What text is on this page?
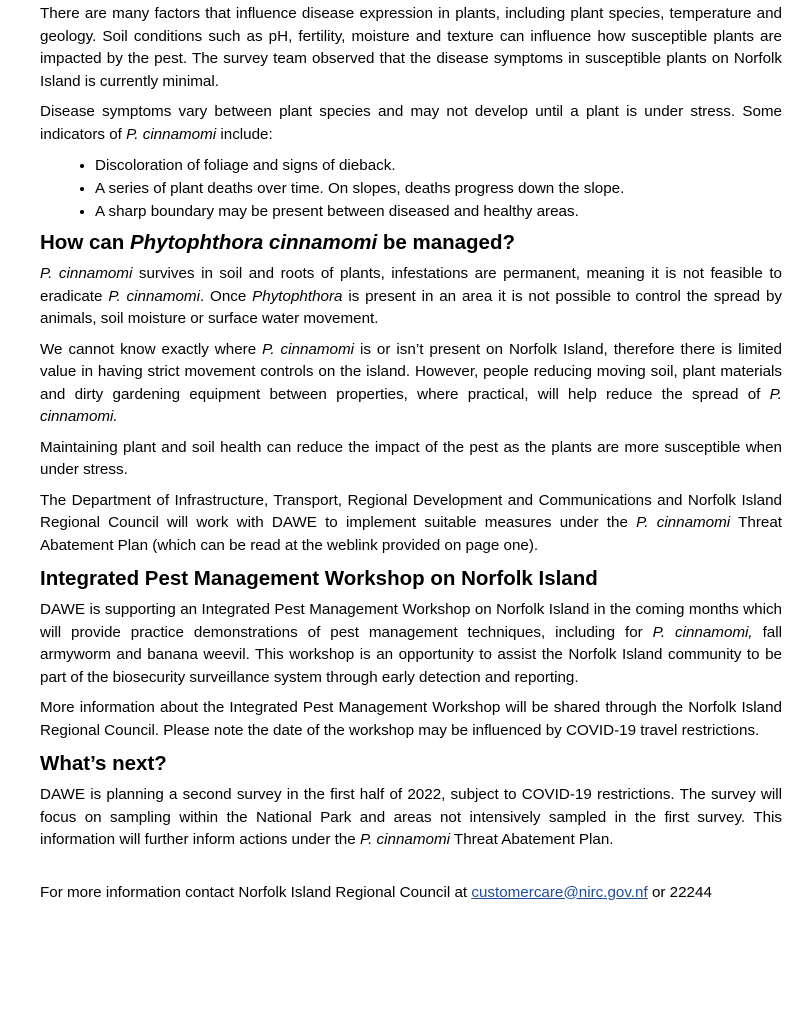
There are many factors that influence disease expression in plants, including plant species, temperature and geology. Soil conditions such as pH, fertility, moisture and texture can influence how susceptible plants are impacted by the pest. The survey team observed that the disease symptoms in susceptible plants on Norfolk Island is currently minimal.

Disease symptoms vary between plant species and may not develop until a plant is under stress. Some indicators of P. cinnamomi include:

• Discoloration of foliage and signs of dieback.
• A series of plant deaths over time. On slopes, deaths progress down the slope.
• A sharp boundary may be present between diseased and healthy areas.
How can Phytophthora cinnamomi be managed?

P. cinnamomi survives in soil and roots of plants, infestations are permanent, meaning it is not feasible to eradicate P. cinnamomi. Once Phytophthora is present in an area it is not possible to control the spread by animals, soil moisture or surface water movement.

We cannot know exactly where P. cinnamomi is or isn’t present on Norfolk Island, therefore there is limited value in having strict movement controls on the island. However, people reducing moving soil, plant materials and dirty gardening equipment between properties, where practical, will help reduce the spread of P. cinnamomi.

Maintaining plant and soil health can reduce the impact of the pest as the plants are more susceptible when under stress.

The Department of Infrastructure, Transport, Regional Development and Communications and Norfolk Island Regional Council will work with DAWE to implement suitable measures under the P. cinnamomi Threat Abatement Plan (which can be read at the weblink provided on page one).

Integrated Pest Management Workshop on Norfolk Island

DAWE is supporting an Integrated Pest Management Workshop on Norfolk Island in the coming months which will provide practice demonstrations of pest management techniques, including for P. cinnamomi, fall armyworm and banana weevil. This workshop is an opportunity to assist the Norfolk Island community to be part of the biosecurity surveillance system through early detection and reporting.

More information about the Integrated Pest Management Workshop will be shared through the Norfolk Island Regional Council. Please note the date of the workshop may be influenced by COVID-19 travel restrictions.

What’s next?

DAWE is planning a second survey in the first half of 2022, subject to COVID-19 restrictions. The survey will focus on sampling within the National Park and areas not intensively sampled in the first survey. This information will further inform actions under the P. cinnamomi Threat Abatement Plan.

For more information contact Norfolk Island Regional Council at customercare@nirc.gov.nf or 22244
